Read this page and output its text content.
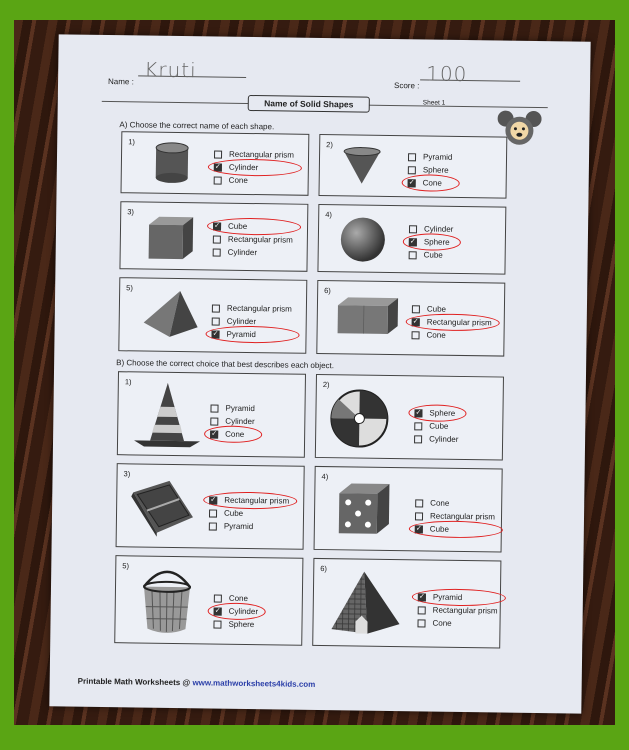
Name : Kruti
Score : 100
Name of Solid Shapes	Sheet 1
A) Choose the correct name of each shape.
B) Choose the correct choice that best describes each object.
1)
Rectangular prism
✓ Cylinder
Cone
2)
Pyramid
Sphere
✓ Cone
3)
✓ Cube
Rectangular prism
Cylinder
4)
Cylinder
✓ Sphere
Cube
5)
Rectangular prism
Cylinder
✓ Pyramid
6)
Cube
✓ Rectangular prism
Cone
1)
Pyramid
Cylinder
✓ Cone
2)
✓ Sphere
Cube
Cylinder
3)
✓ Rectangular prism
Cube
Pyramid
4)
Cone
Rectangular prism
✓ Cube
5)
Cone
✓ Cylinder
Sphere
6)
✓ Pyramid
Rectangular prism
Cone
Printable Math Worksheets @ www.mathworksheets4kids.com
